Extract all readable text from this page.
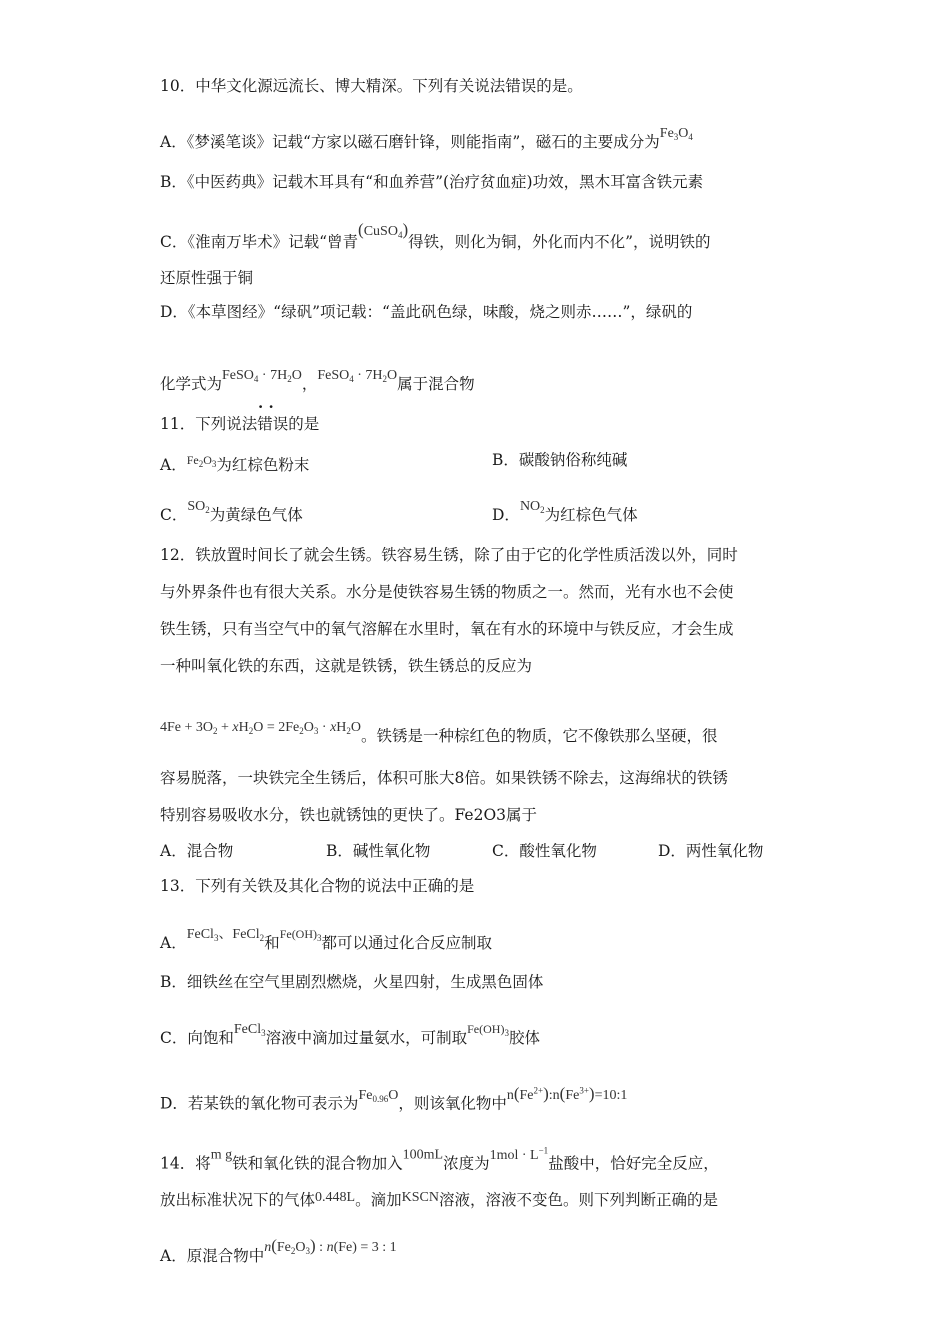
10．中华文化源远流长、博大精深。下列有关说法错误的是。
A．《梦溪笔谈》记载“方家以磁石磨针锋，则能指南”，磁石的主要成分为$Fe_3O_4$
B．《中医药典》记载木耳具有“和血养营”(治疗贫血症)功效，黑木耳富含铁元素
C．《淮南万毕术》记载“曾青(CuSO$_4$)得铁，则化为铜，外化而内不化”，说明铁的
还原性强于铜
D．《本草图经》“绿矾”项记载：“盖此矾色绿，味酸，烧之则赤……”，绿矾的
化学式为FeSO$_4$ · $7H_2O$，FeSO$_4$ · $7H_2O$属于混合物
· ·
11．下列说法错误的是
A．$^{Fe_2O_3}$为红棕色粉末	B．碳酸钠俗称纯碱
C．$SO_2$为黄绿色气体	D．$NO_2$为红棕色气体
12．铁放置时间长了就会生锈。铁容易生锈，除了由于它的化学性质活泼以外，同时
与外界条件也有很大关系。水分是使铁容易生锈的物质之一。然而，光有水也不会使
铁生锈，只有当空气中的氧气溶解在水里时，氧在有水的环境中与铁反应，才会生成
一种叫氧化铁的东西，这就是铁锈，铁生锈总的反应为
$4Fe + 3O_2 + xH_2O = 2Fe_2O_3 \cdot xH_2O$。铁锈是一种棕红色的物质，它不像铁那么坚硬，很
容易脱落，一块铁完全生锈后，体积可胀大8倍。如果铁锈不除去，这海绵状的铁锈
特别容易吸收水分，铁也就锈蚀的更快了。Fe2O3属于
A．混合物	B．碱性氧化物	C．酸性氧化物	D．两性氧化物
13．下列有关铁及其化合物的说法中正确的是
A．FeCl$_3$、FeCl$_2$和$^{Fe(OH)_3}$都可以通过化合反应制取
B．细铁丝在空气里剧烈燃烧，火星四射，生成黑色固体
C．向饱和FeCl$_3$溶液中滴加过量氨水，可制取$^{Fe(OH)_3}$胶体
D．若某铁的氧化物可表示为$Fe_{0.96}O$，则该氧化物中$n(Fe^{2+}):n(Fe^{3+})=10:1$
14．将m g铁和氧化铁的混合物加入100mL浓度为$1mol \cdot L^{-1}$盐酸中，恰好完全反应，
放出标准状况下的气体0.448L。滴加KSCN溶液，溶液不变色。则下列判断正确的是
A．原混合物中$n(Fe_2O_3)$ : n(Fe) = 3 : 1
